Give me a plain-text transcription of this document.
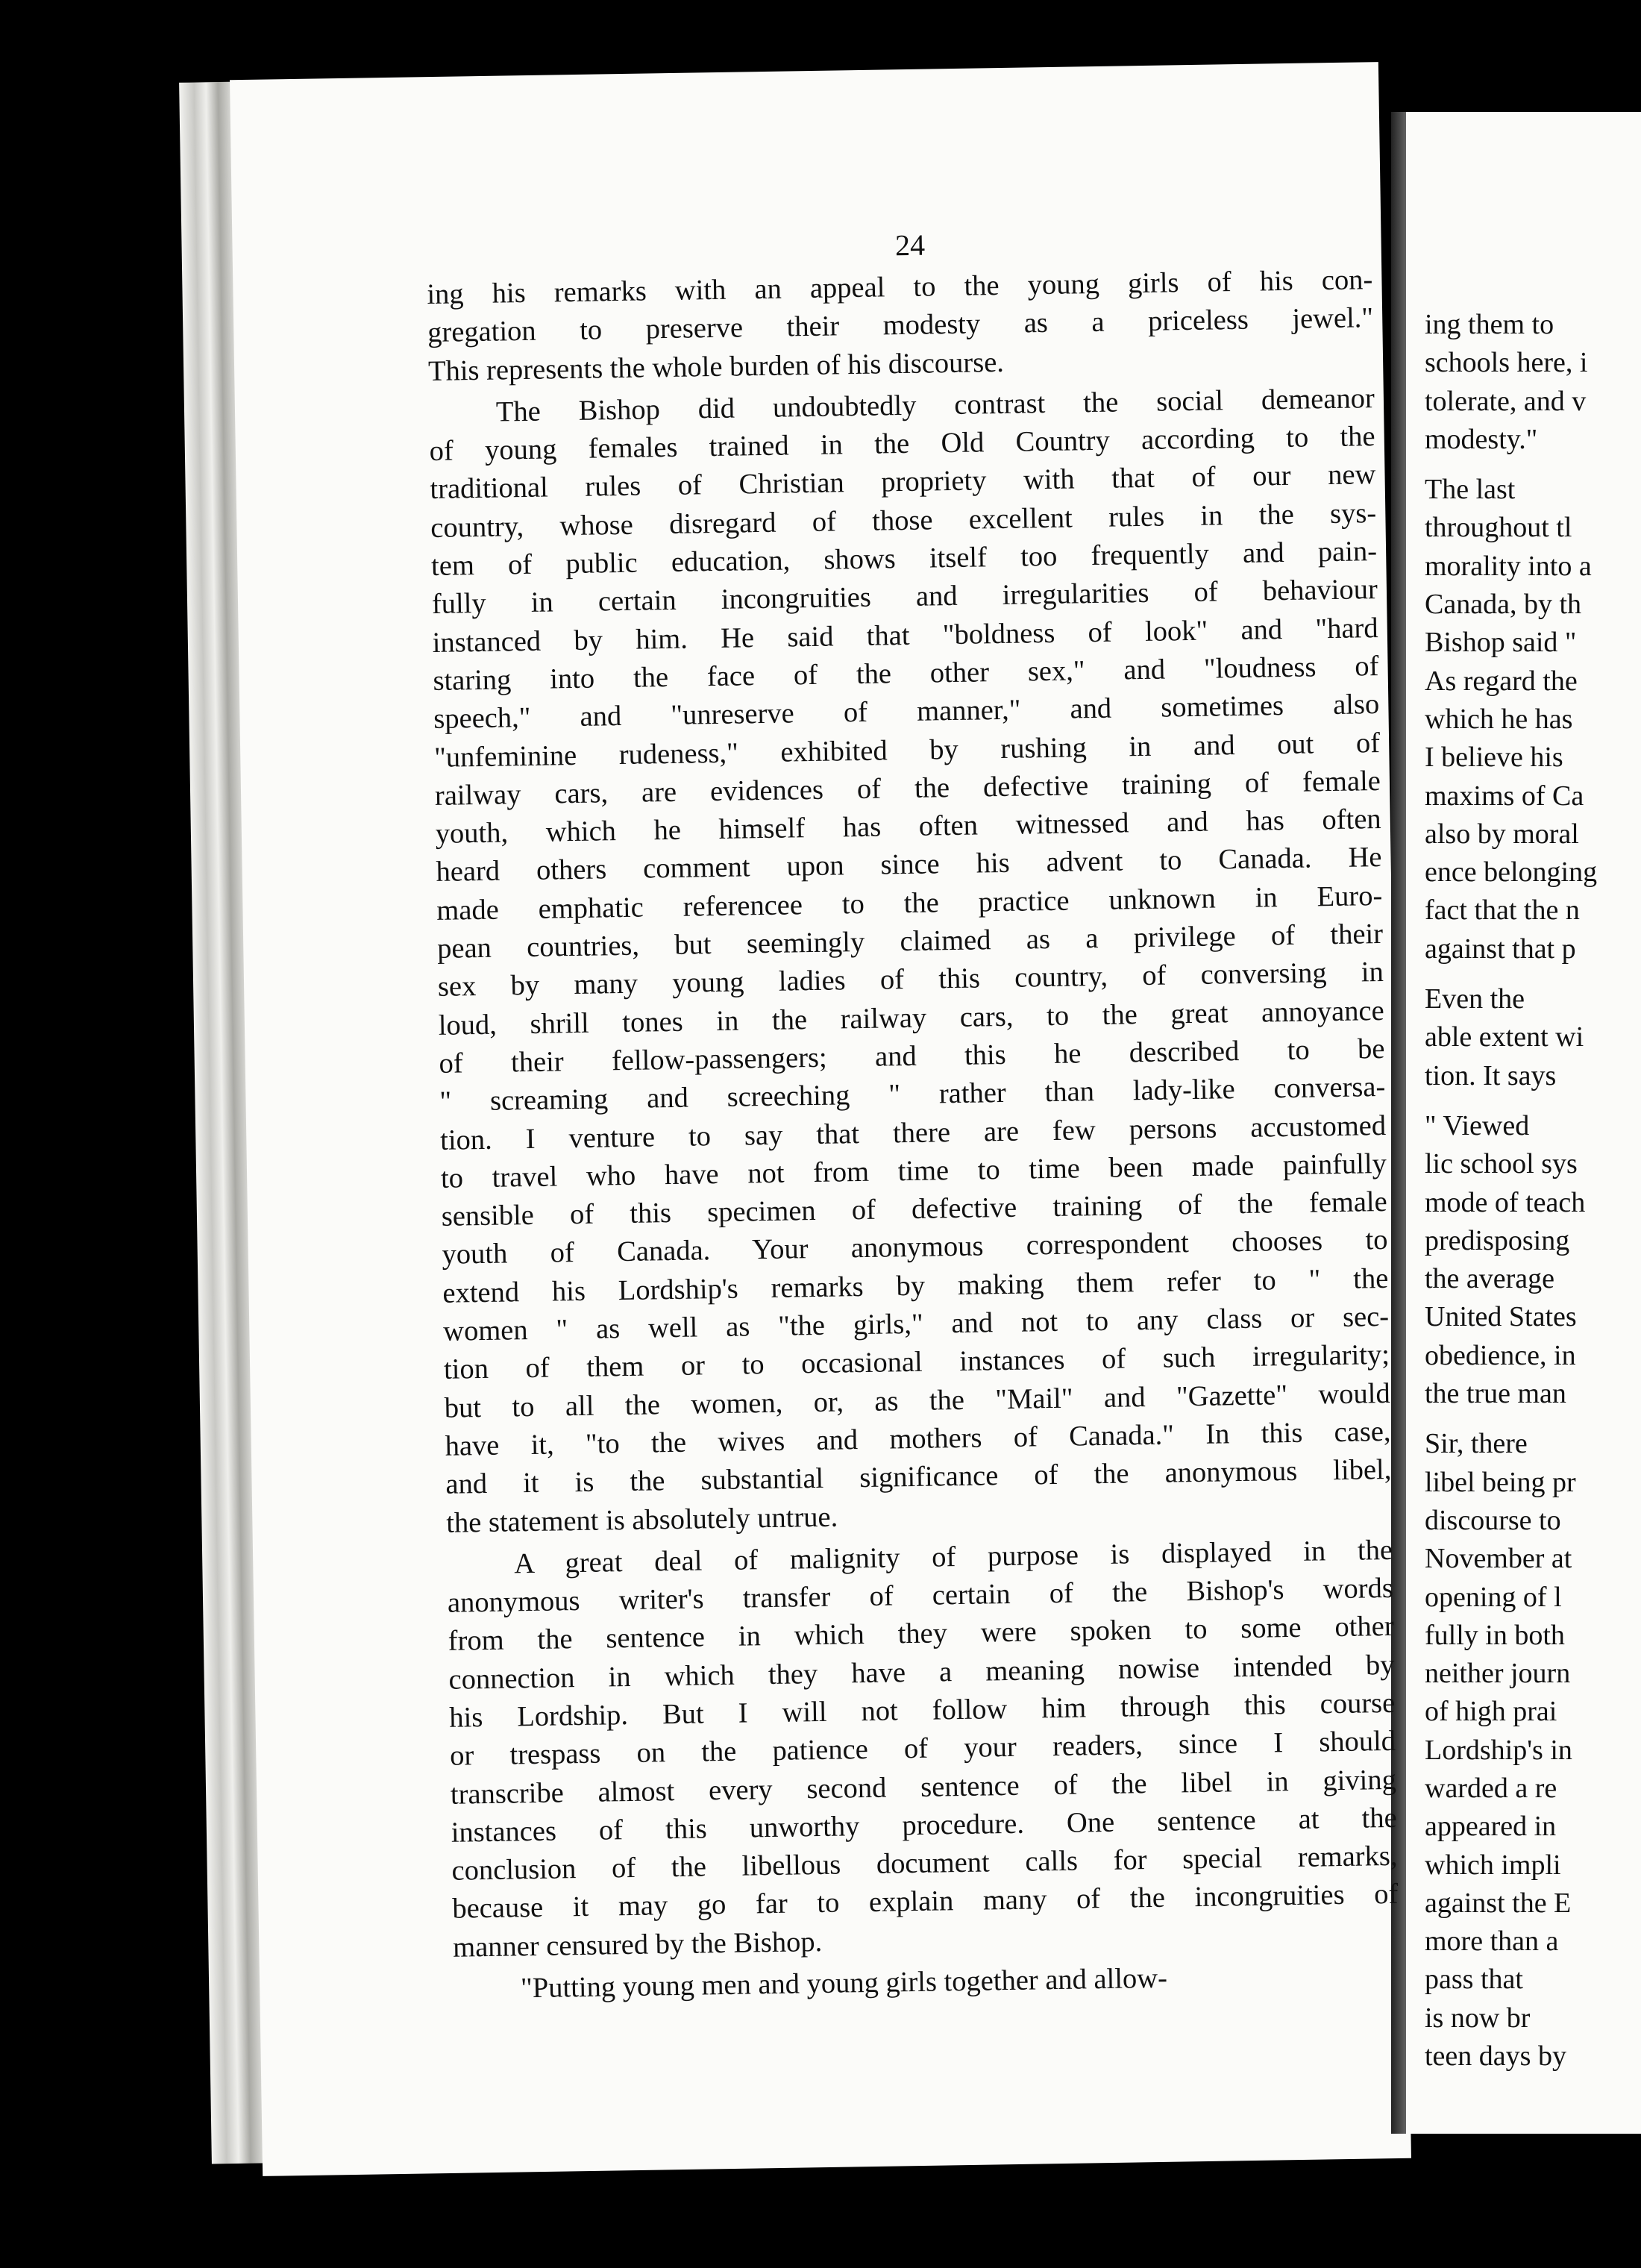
24

ing his remarks with an appeal to the young girls of his con-
gregation to preserve their modesty as a priceless jewel."
This represents the whole burden of his discourse.

The Bishop did undoubtedly contrast the social demeanor
of young females trained in the Old Country according to the
traditional rules of Christian propriety with that of our new
country, whose disregard of those excellent rules in the sys-
tem of public education, shows itself too frequently and pain-
fully in certain incongruities and irregularities of behaviour
instanced by him. He said that "boldness of look" and "hard
staring into the face of the other sex," and "loudness of
speech," and "unreserve of manner," and sometimes also
"unfeminine rudeness," exhibited by rushing in and out of
railway cars, are evidences of the defective training of female
youth, which he himself has often witnessed and has often
heard others comment upon since his advent to Canada. He
made emphatic referencee to the practice unknown in Euro-
pean countries, but seemingly claimed as a privilege of their
sex by many young ladies of this country, of conversing in
loud, shrill tones in the railway cars, to the great annoyance
of their fellow-passengers; and this he described to be
" screaming and screeching " rather than lady-like conversa-
tion. I venture to say that there are few persons accustomed
to travel who have not from time to time been made painfully
sensible of this specimen of defective training of the female
youth of Canada. Your anonymous correspondent chooses to
extend his Lordship's remarks by making them refer to " the
women " as well as "the girls," and not to any class or sec-
tion of them or to occasional instances of such irregularity;
but to all the women, or, as the "Mail" and "Gazette" would
have it, "to the wives and mothers of Canada." In this case,
and it is the substantial significance of the anonymous libel,
the statement is absolutely untrue.

A great deal of malignity of purpose is displayed in the
anonymous writer's transfer of certain of the Bishop's words
from the sentence in which they were spoken to some other
connection in which they have a meaning nowise intended by
his Lordship. But I will not follow him through this course
or trespass on the patience of your readers, since I should
transcribe almost every second sentence of the libel in giving
instances of this unworthy procedure. One sentence at the
conclusion of the libellous document calls for special remarks,
because it may go far to explain many of the incongruities of
manner censured by the Bishop.

"Putting young men and young girls together and allow-

ing them to
schools here, i
tolerate, and v
modesty."
The last
throughout tl
morality into a
Canada, by th
Bishop said "
As regard the
which he has
I believe his
maxims of Ca
also by moral
ence belonging
fact that the n
against that p
Even the
able extent wi
tion. It says
" Viewed
lic school sys
mode of teach
predisposing
the average
United States
obedience, in
the true man
Sir, there
libel being pr
discourse to
November at
opening of l
fully in both
neither journ
of high prai
Lordship's in
warded a re
appeared in
which impli
against the E
more than a
pass that
is now br
teen days by
